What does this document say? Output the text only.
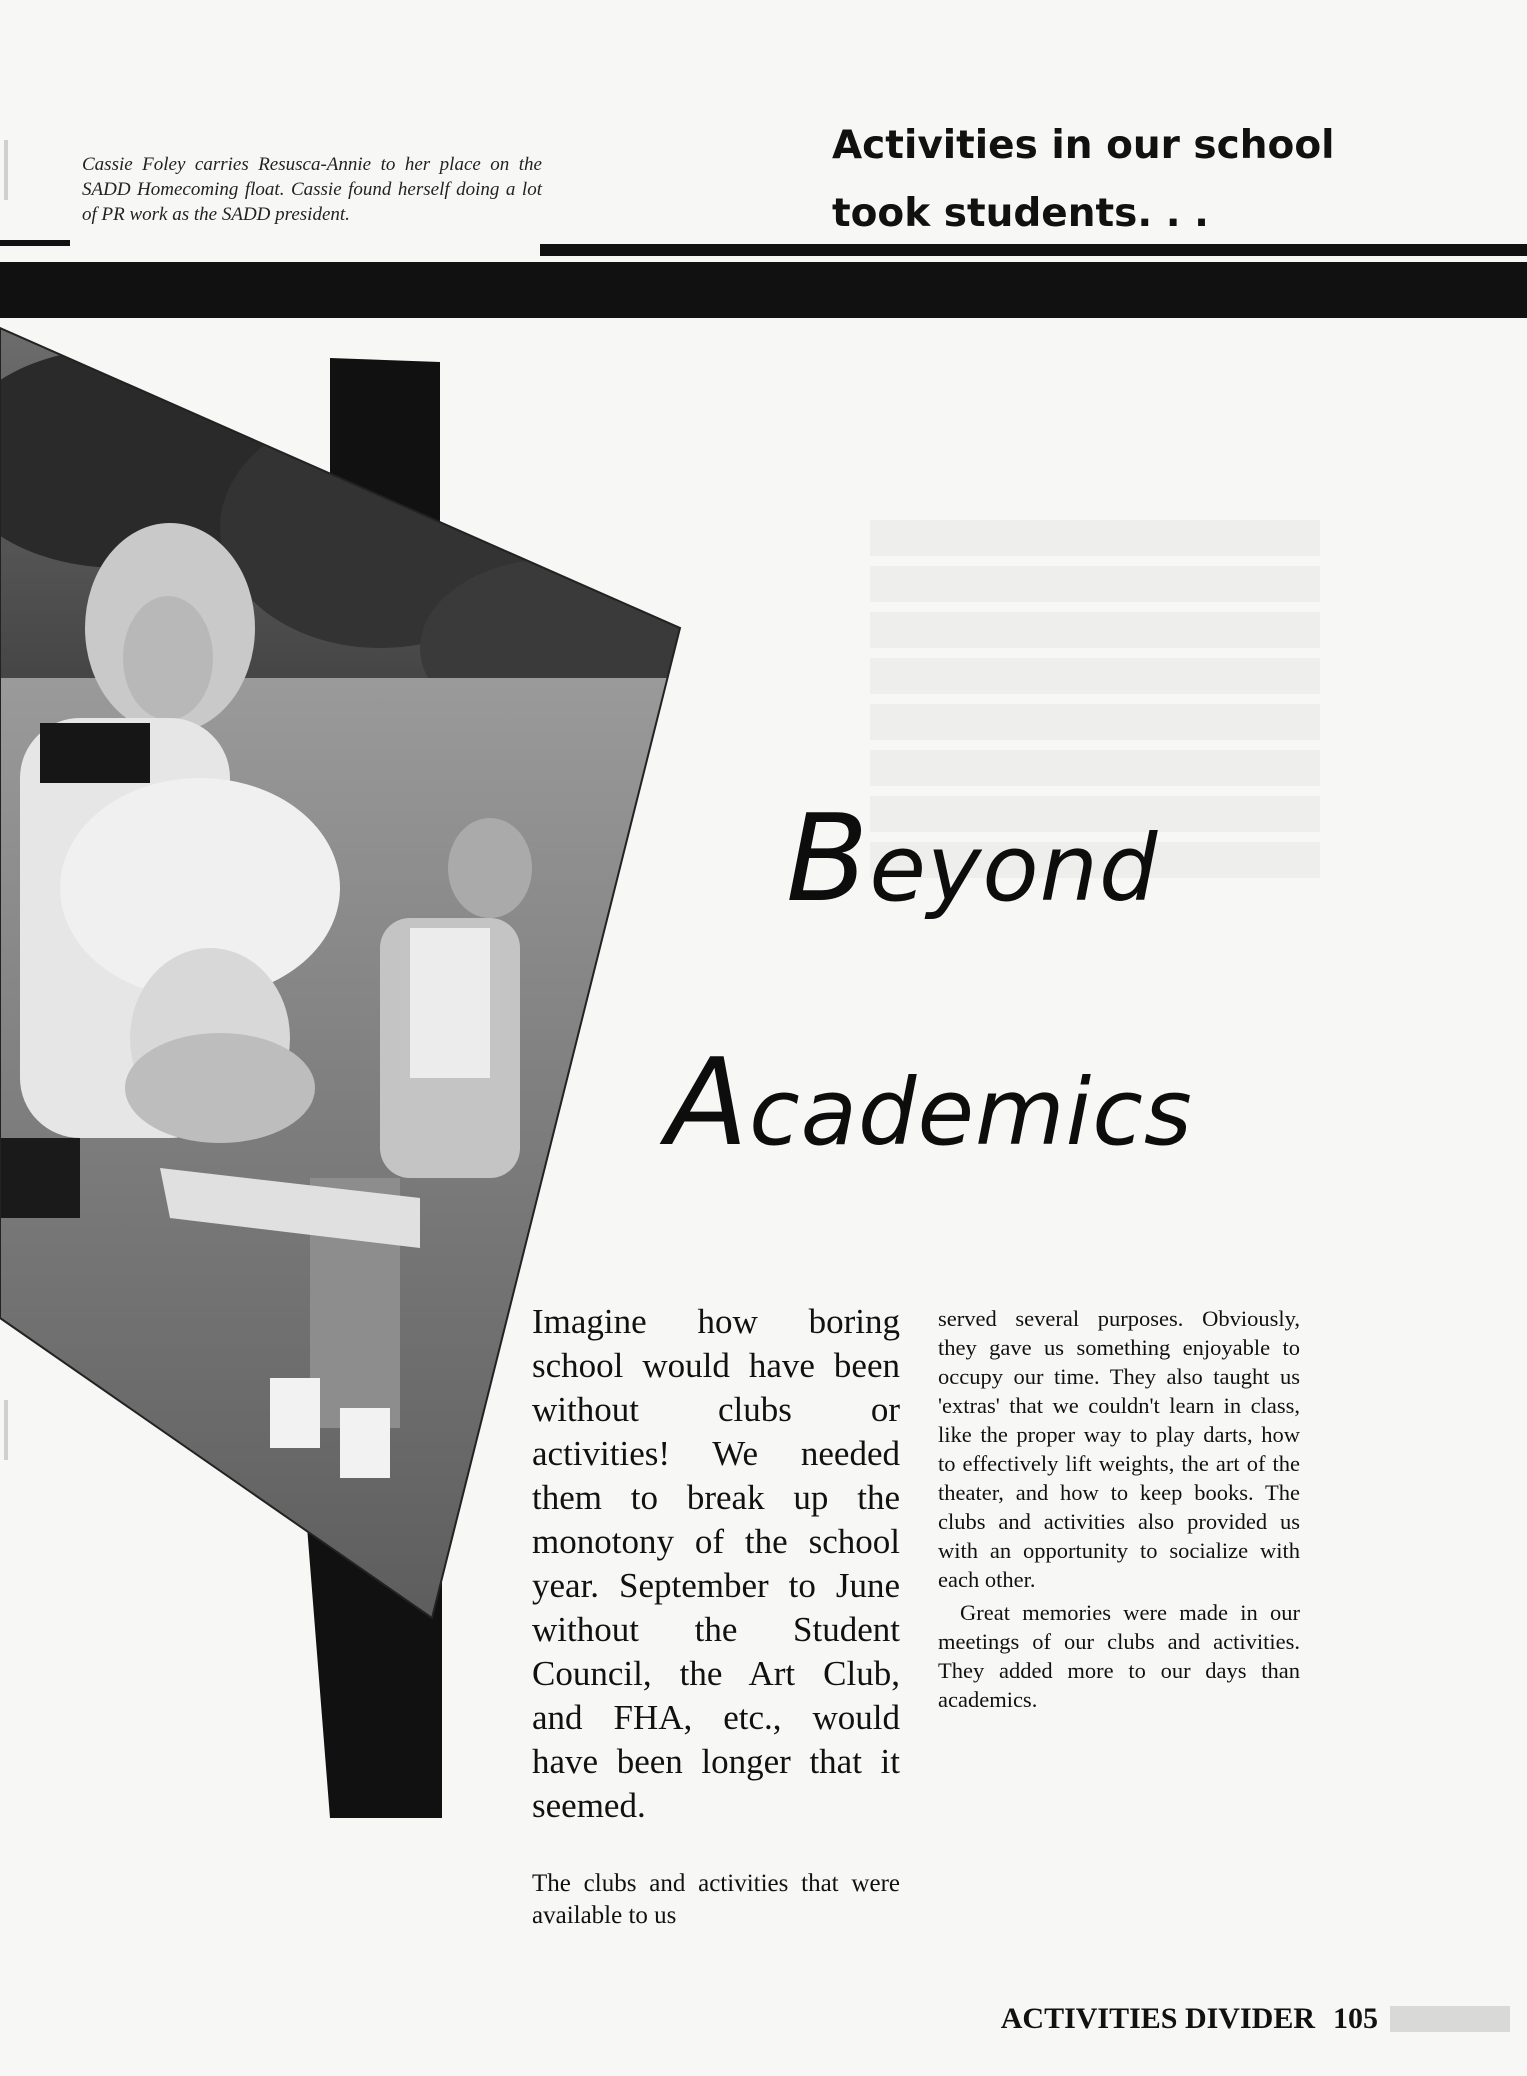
Cassie Foley carries Resusca-Annie to her place on the SADD Homecoming float. Cassie found herself doing a lot of PR work as the SADD president.
Activities in our school
took students. . .
Beyond
Academics
Imagine how boring school would have been without clubs or activities! We needed them to break up the monotony of the school year. September to June without the Student Council, the Art Club, and FHA, etc., would have been longer that it seemed.
The clubs and activities that were available to us

served several purposes. Obviously, they gave us something enjoyable to occupy our time. They also taught us 'extras' that we couldn't learn in class, like the proper way to play darts, how to effectively lift weights, the art of the theater, and how to keep books. The clubs and activities also provided us with an opportunity to socialize with each other.

Great memories were made in our meetings of our clubs and activities. They added more to our days than academics.

ACTIVITIES DIVIDER 105
